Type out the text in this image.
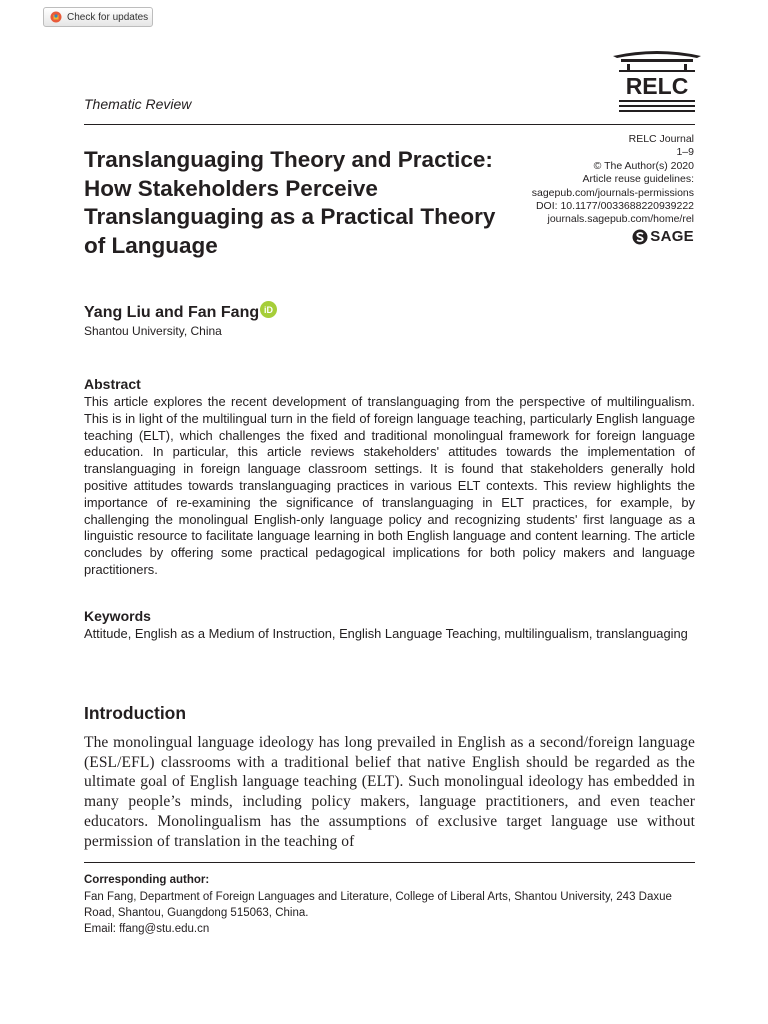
Check for updates
Thematic Review
RELC
RELC Journal
1–9
© The Author(s) 2020
Article reuse guidelines:
sagepub.com/journals-permissions
DOI: 10.1177/0033688220939222
journals.sagepub.com/home/rel
SAGE
Translanguaging Theory and Practice: How Stakeholders Perceive Translanguaging as a Practical Theory of Language
Yang Liu and Fan Fang iD
Shantou University, China
Abstract

This article explores the recent development of translanguaging from the perspective of multilingualism. This is in light of the multilingual turn in the field of foreign language teaching, particularly English language teaching (ELT), which challenges the fixed and traditional monolingual framework for foreign language education. In particular, this article reviews stakeholders' attitudes towards the implementation of translanguaging in foreign language classroom settings. It is found that stakeholders generally hold positive attitudes towards translanguaging practices in various ELT contexts. This review highlights the importance of re-examining the significance of translanguaging in ELT practices, for example, by challenging the monolingual English-only language policy and recognizing students' first language as a linguistic resource to facilitate language learning in both English language and content learning. The article concludes by offering some practical pedagogical implications for both policy makers and language practitioners.

Keywords

Attitude, English as a Medium of Instruction, English Language Teaching, multilingualism, translanguaging

Introduction

The monolingual language ideology has long prevailed in English as a second/foreign language (ESL/EFL) classrooms with a traditional belief that native English should be regarded as the ultimate goal of English language teaching (ELT). Such monolingual ideology has embedded in many people’s minds, including policy makers, language practitioners, and even teacher educators. Monolingualism has the assumptions of exclusive target language use without permission of translation in the teaching of

Corresponding author:
Fan Fang, Department of Foreign Languages and Literature, College of Liberal Arts, Shantou University, 243 Daxue Road, Shantou, Guangdong 515063, China.
Email: ffang@stu.edu.cn
